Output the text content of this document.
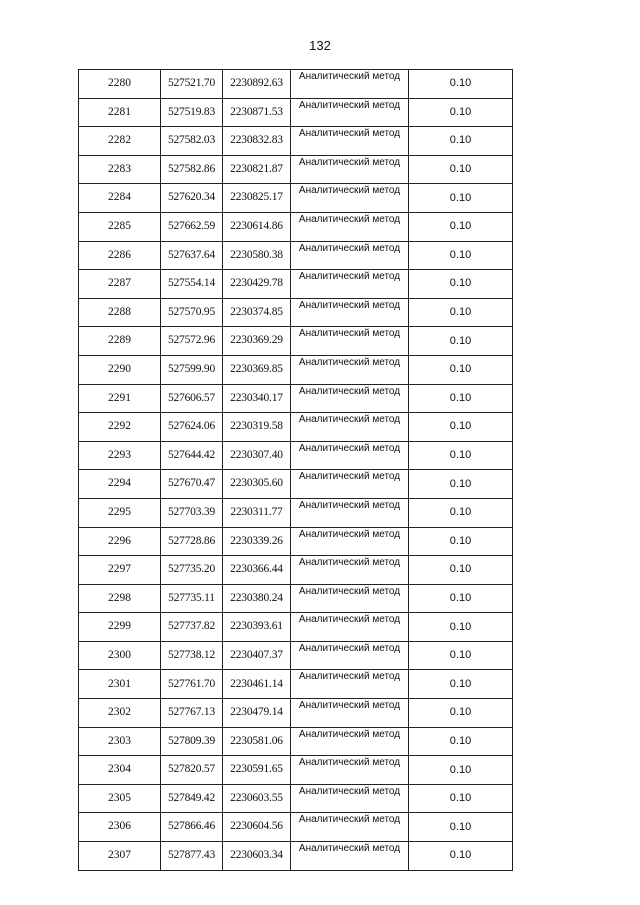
132
2280	527521.70	2230892.63	Аналитический метод	0.10
2281	527519.83	2230871.53	Аналитический метод	0.10
2282	527582.03	2230832.83	Аналитический метод	0.10
2283	527582.86	2230821.87	Аналитический метод	0.10
2284	527620.34	2230825.17	Аналитический метод	0.10
2285	527662.59	2230614.86	Аналитический метод	0.10
2286	527637.64	2230580.38	Аналитический метод	0.10
2287	527554.14	2230429.78	Аналитический метод	0.10
2288	527570.95	2230374.85	Аналитический метод	0.10
2289	527572.96	2230369.29	Аналитический метод	0.10
2290	527599.90	2230369.85	Аналитический метод	0.10
2291	527606.57	2230340.17	Аналитический метод	0.10
2292	527624.06	2230319.58	Аналитический метод	0.10
2293	527644.42	2230307.40	Аналитический метод	0.10
2294	527670.47	2230305.60	Аналитический метод	0.10
2295	527703.39	2230311.77	Аналитический метод	0.10
2296	527728.86	2230339.26	Аналитический метод	0.10
2297	527735.20	2230366.44	Аналитический метод	0.10
2298	527735.11	2230380.24	Аналитический метод	0.10
2299	527737.82	2230393.61	Аналитический метод	0.10
2300	527738.12	2230407.37	Аналитический метод	0.10
2301	527761.70	2230461.14	Аналитический метод	0.10
2302	527767.13	2230479.14	Аналитический метод	0.10
2303	527809.39	2230581.06	Аналитический метод	0.10
2304	527820.57	2230591.65	Аналитический метод	0.10
2305	527849.42	2230603.55	Аналитический метод	0.10
2306	527866.46	2230604.56	Аналитический метод	0.10
2307	527877.43	2230603.34	Аналитический метод	0.10
